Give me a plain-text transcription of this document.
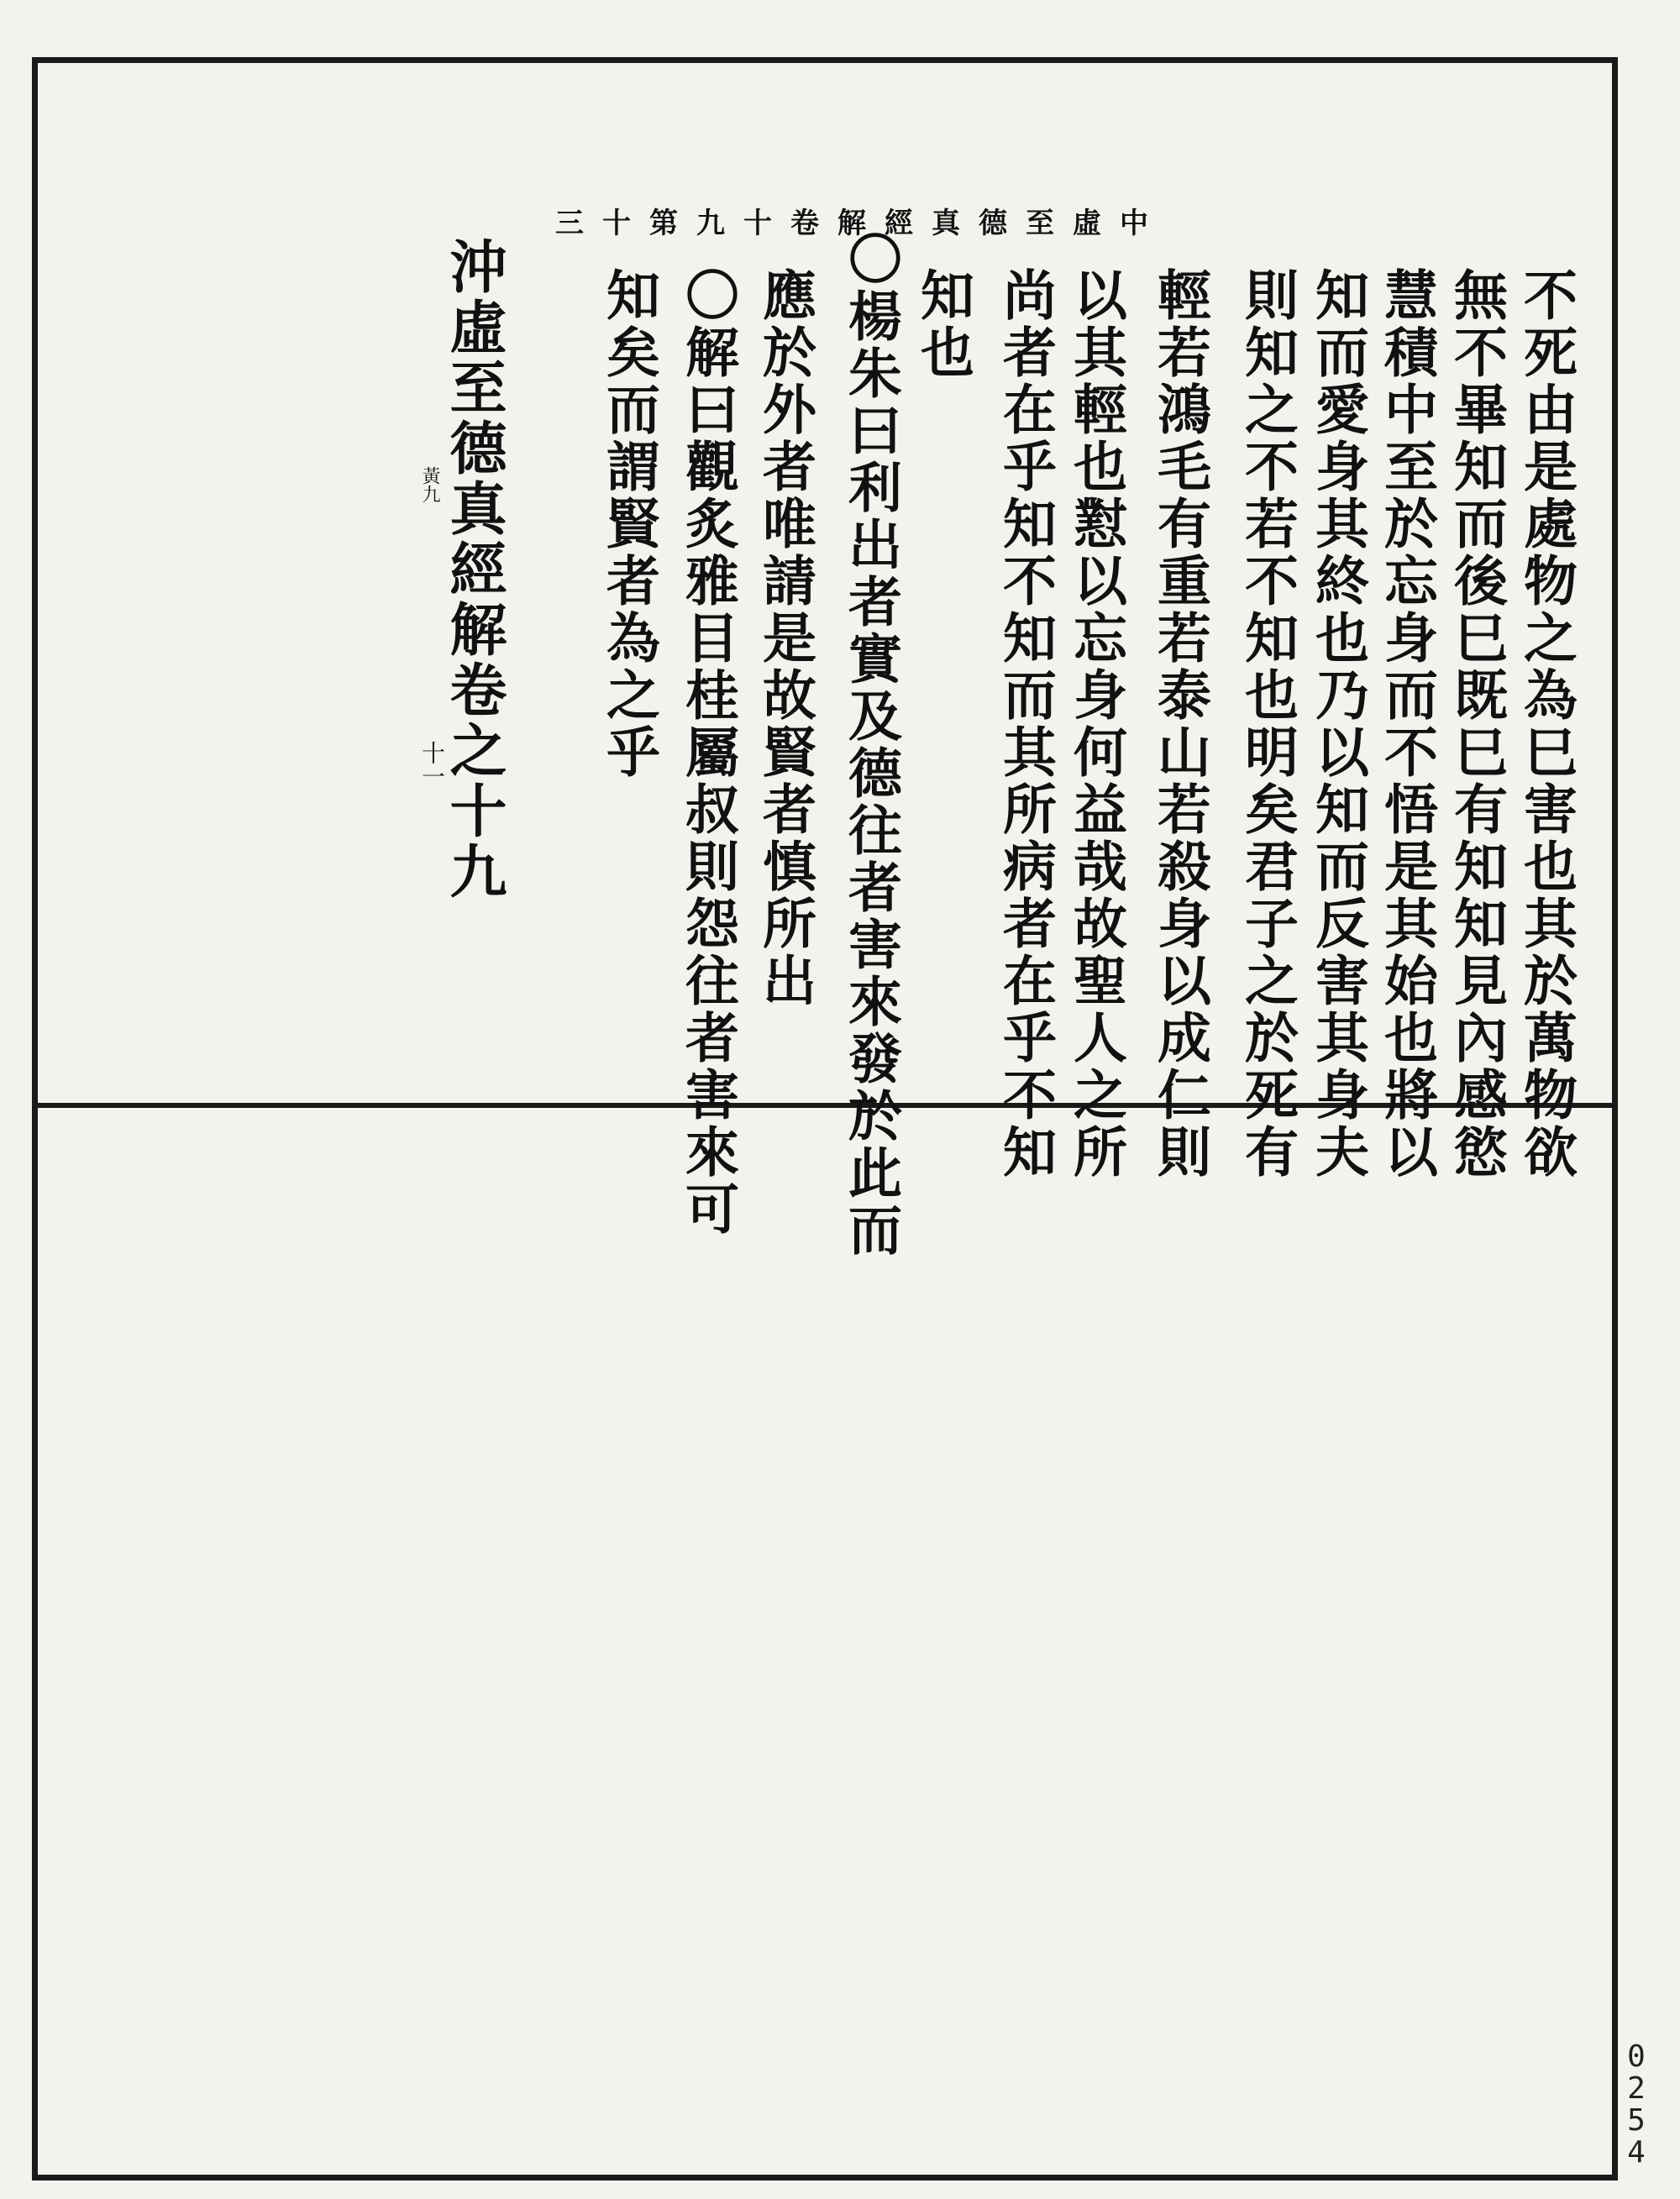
中虛至德真經解卷十九第十三
不死由是處物之為巳害也其於萬物欲
無不畢知而後巳既巳有知知見內感慾
慧積中至於忘身而不悟是其始也將以
知而愛身其終也乃以知而反害其身夫
則知之不若不知也明矣君子之於死有
輕若鴻毛有重若泰山若殺身以成仁則
以其輕也懟以忘身何益哉故聖人之所
尚者在乎知不知而其所病者在乎不知
知也
〇楊朱曰利出者實及德往者害來發於此而
應於外者唯請是故賢者慎所出
〇解曰觀炙雅目桂屬叔則怨往者害來可
知矣而謂賢者為之乎
沖虛至德真經解卷之十九
黃九
十一
0
2
5
4
